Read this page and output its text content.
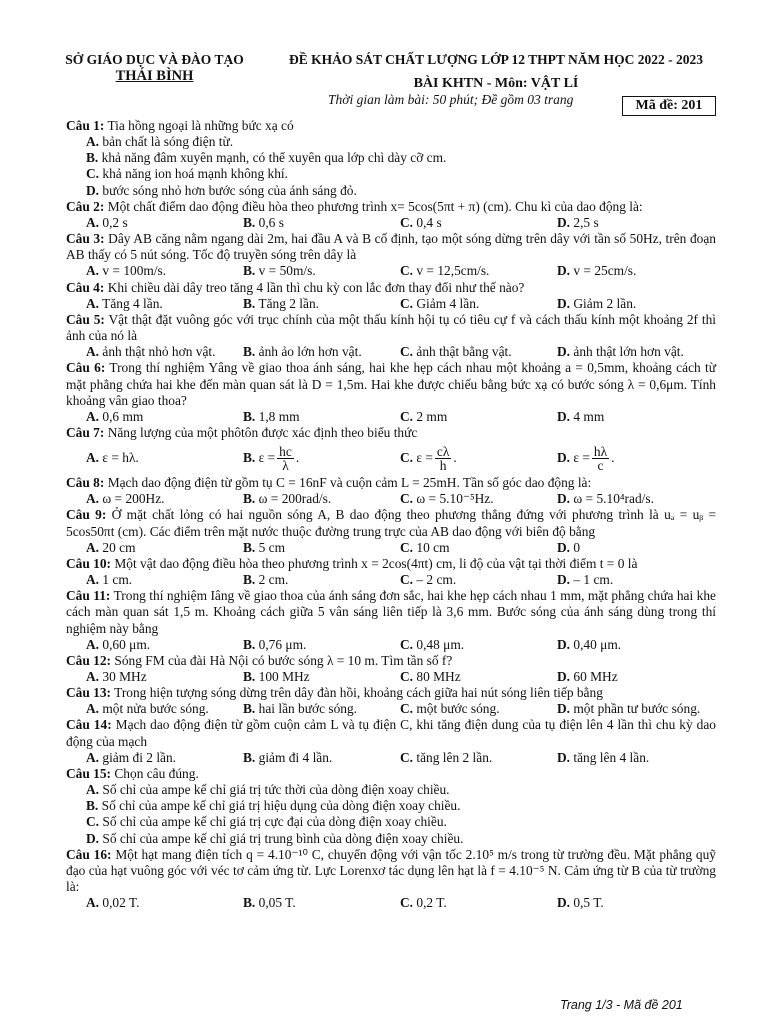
SỞ GIÁO DỤC VÀ ĐÀO TẠO
THÁI BÌNH
ĐỀ KHẢO SÁT CHẤT LƯỢNG LỚP 12 THPT NĂM HỌC 2022 - 2023
BÀI KHTN - Môn: VẬT LÍ
Thời gian làm bài: 50 phút; Đề gồm 03 trang	Mã đề: 201

Câu 1: Tia hồng ngoại là những bức xạ có

A. bản chất là sóng điện từ.
B. khả năng đâm xuyên mạnh, có thể xuyên qua lớp chì dày cỡ cm.
C. khả năng ion hoá mạnh không khí.
D. bước sóng nhỏ hơn bước sóng của ánh sáng đỏ.

Câu 2: Một chất điểm dao động điều hòa theo phương trình x= 5cos(5πt + π) (cm). Chu kì của dao động là:

A. 0,2 s	B. 0,6 s	C. 0,4 s	D. 2,5 s

Câu 3: Dây AB căng nằm ngang dài 2m, hai đầu A và B cố định, tạo một sóng dừng trên dây với tần số 50Hz, trên đoạn AB thấy có 5 nút sóng. Tốc độ truyền sóng trên dây là

A. v = 100m/s.	B. v = 50m/s.	C. v = 12,5cm/s.	D. v = 25cm/s.

Câu 4: Khi chiều dài dây treo tăng 4 lần thì chu kỳ con lắc đơn thay đổi như thế nào?

A. Tăng 4 lần.	B. Tăng 2 lần.	C. Giảm 4 lần.	D. Giảm 2 lần.

Câu 5: Vật thật đặt vuông góc với trục chính của một thấu kính hội tụ có tiêu cự f và cách thấu kính một khoảng 2f thì ảnh của nó là

A. ảnh thật nhỏ hơn vật.	B. ảnh ảo lớn hơn vật.	C. ảnh thật bằng vật.	D. ảnh thật lớn hơn vật.

Câu 6: Trong thí nghiệm Yâng về giao thoa ánh sáng, hai khe hẹp cách nhau một khoảng a = 0,5mm, khoảng cách từ mặt phẳng chứa hai khe đến màn quan sát là D = 1,5m. Hai khe được chiếu bằng bức xạ có bước sóng λ = 0,6μm. Tính khoảng vân giao thoa?

A. 0,6 mm	B. 1,8 mm	C. 2 mm	D. 4 mm

Câu 7: Năng lượng của một phôtôn được xác định theo biểu thức

A.
ε = hλ.	B.
$\varepsilon = \frac{hc}{\lambda}$ .	C.
$\varepsilon = \frac{c\lambda}{h}$ .	D.
$\varepsilon = \frac{h\lambda}{c}$ .

Câu 8: Mạch dao động điện từ gồm tụ C = 16nF và cuộn cảm L = 25mH. Tần số góc dao động là:

A. ω = 200Hz.	B. ω = 200rad/s.	C. ω = 5.10⁻⁵Hz.	D. ω = 5.10⁴rad/s.

Câu 9: Ở mặt chất lỏng có hai nguồn sóng A, B dao động theo phương thẳng đứng với phương trình là uₐ = uᵦ = 5cos50πt (cm). Các điểm trên mặt nước thuộc đường trung trực của AB dao động với biên độ bằng

A. 20 cm	B. 5 cm	C. 10 cm	D. 0

Câu 10: Một vật dao động điều hòa theo phương trình x = 2cos(4πt) cm, li độ của vật tại thời điểm t = 0 là

A. 1 cm.	B. 2 cm.	C. – 2 cm.	D. – 1 cm.

Câu 11: Trong thí nghiệm Iâng về giao thoa của ánh sáng đơn sắc, hai khe hẹp cách nhau 1 mm, mặt phẳng chứa hai khe cách màn quan sát 1,5 m. Khoảng cách giữa 5 vân sáng liên tiếp là 3,6 mm. Bước sóng của ánh sáng dùng trong thí nghiệm này bằng

A. 0,60 μm.	B. 0,76 μm.	C. 0,48 μm.	D. 0,40 μm.

Câu 12: Sóng FM của đài Hà Nội có bước sóng λ = 10 m. Tìm tần số f?

A. 30 MHz	B. 100 MHz	C. 80 MHz	D. 60 MHz

Câu 13: Trong hiện tượng sóng dừng trên dây đàn hồi, khoảng cách giữa hai nút sóng liên tiếp bằng

A. một nửa bước sóng.	B. hai lần bước sóng.	C. một bước sóng.	D. một phần tư bước sóng.

Câu 14: Mạch dao động điện từ gồm cuộn cảm L và tụ điện C, khi tăng điện dung của tụ điện lên 4 lần thì chu kỳ dao động của mạch

A. giảm đi 2 lần.	B. giảm đi 4 lần.	C. tăng lên 2 lần.	D. tăng lên 4 lần.

Câu 15: Chọn câu đúng.

A. Số chỉ của ampe kế chỉ giá trị tức thời của dòng điện xoay chiều.
B. Số chỉ của ampe kế chỉ giá trị hiệu dụng của dòng điện xoay chiều.
C. Số chỉ của ampe kế chỉ giá trị cực đại của dòng điện xoay chiều.
D. Số chỉ của ampe kế chỉ giá trị trung bình của dòng điện xoay chiều.

Câu 16: Một hạt mang điện tích q = 4.10⁻¹⁰ C, chuyển động với vận tốc 2.10⁵ m/s trong từ trường đều. Mặt phẳng quỹ đạo của hạt vuông góc với véc tơ cảm ứng từ. Lực Lorenxơ tác dụng lên hạt là f = 4.10⁻⁵ N. Cảm ứng từ B của từ trường là:

A. 0,02 T.	B. 0,05 T.	C. 0,2 T.	D. 0,5 T.
Trang 1/3 - Mã đề 201
